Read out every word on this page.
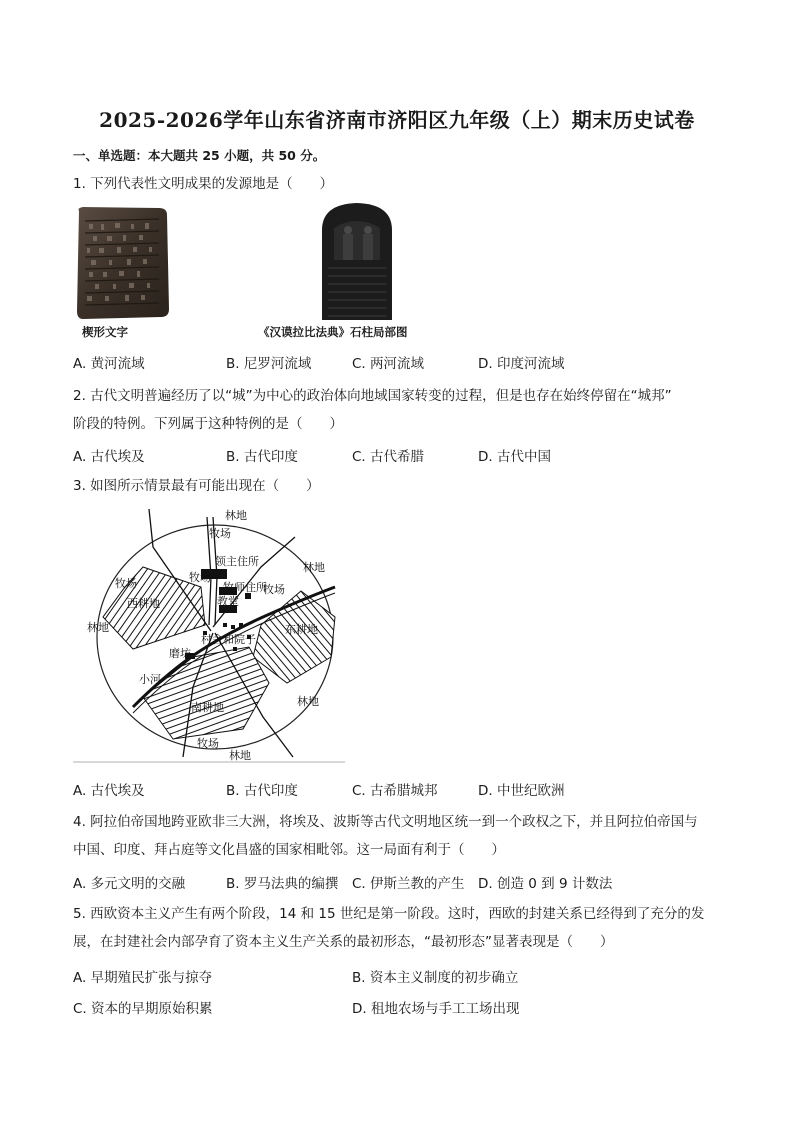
2025-2026学年山东省济南市济阳区九年级（上）期末历史试卷
一、单选题：本大题共 25 小题，共 50 分。
1. 下列代表性文明成果的发源地是（　　）
楔形文字	《汉谟拉比法典》石柱局部图
A. 黄河流域	B. 尼罗河流域	C. 两河流域	D. 印度河流域
2. 古代文明普遍经历了以“城”为中心的政治体向地域国家转变的过程，但是也存在始终停留在“城邦”
阶段的特例。下列属于这种特例的是（　　）
A. 古代埃及	B. 古代印度	C. 古代希腊	D. 古代中国
3. 如图所示情景最有可能出现在（　　）
林地
牧场
领主住所	林地
牧场	牧场
牧师住所
教堂
牧场
西耕地
林地
村舍和院子
东耕地
磨坊
小河
林地
南耕地
牧场
林地
A. 古代埃及	B. 古代印度	C. 古希腊城邦	D. 中世纪欧洲
4. 阿拉伯帝国地跨亚欧非三大洲，将埃及、波斯等古代文明地区统一到一个政权之下，并且阿拉伯帝国与
中国、印度、拜占庭等文化昌盛的国家相毗邻。这一局面有利于（　　）
A. 多元文明的交融	B. 罗马法典的编撰 C. 伊斯兰教的产生 D. 创造 0 到 9 计数法
5. 西欧资本主义产生有两个阶段，14 和 15 世纪是第一阶段。这时，西欧的封建关系已经得到了充分的发
展，在封建社会内部孕育了资本主义生产关系的最初形态，“最初形态”显著表现是（　　）
A. 早期殖民扩张与掠夺	B. 资本主义制度的初步确立
C. 资本的早期原始积累	D. 租地农场与手工工场出现
